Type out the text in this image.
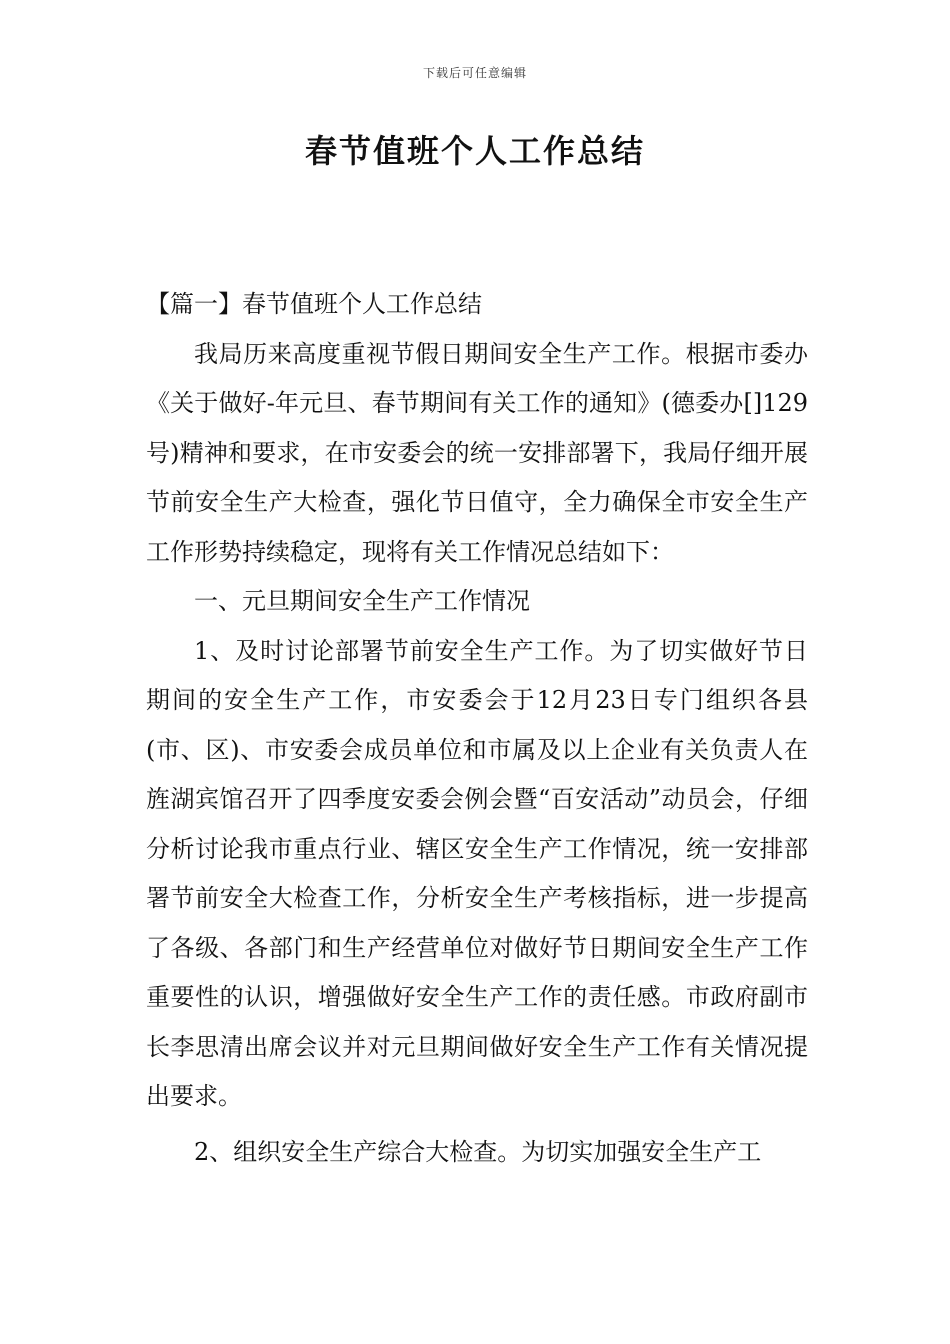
下载后可任意编辑
春节值班个人工作总结

【篇一】春节值班个人工作总结

我局历来高度重视节假日期间安全生产工作。根据市委办《关于做好-年元旦、春节期间有关工作的通知》(德委办[]129号)精神和要求，在市安委会的统一安排部署下，我局仔细开展节前安全生产大检查，强化节日值守，全力确保全市安全生产工作形势持续稳定，现将有关工作情况总结如下：

一、元旦期间安全生产工作情况

1、及时讨论部署节前安全生产工作。为了切实做好节日期间的安全生产工作，市安委会于12月23日专门组织各县(市、区)、市安委会成员单位和市属及以上企业有关负责人在旌湖宾馆召开了四季度安委会例会暨“百安活动”动员会，仔细分析讨论我市重点行业、辖区安全生产工作情况，统一安排部署节前安全大检查工作，分析安全生产考核指标，进一步提高了各级、各部门和生产经营单位对做好节日期间安全生产工作重要性的认识，增强做好安全生产工作的责任感。市政府副市长李思清出席会议并对元旦期间做好安全生产工作有关情况提出要求。

2、组织安全生产综合大检查。为切实加强安全生产工
